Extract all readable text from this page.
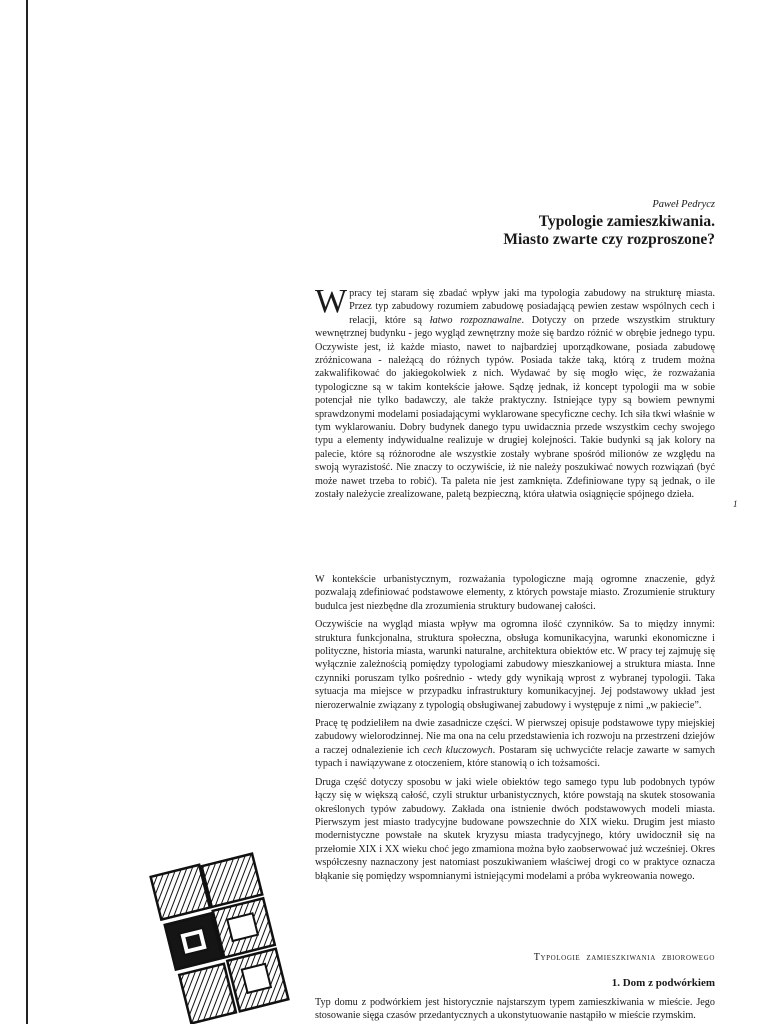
Paweł Pedrycz
Typologie zamieszkiwania.
Miasto zwarte czy rozproszone?

W pracy tej staram się zbadać wpływ jaki ma typologia zabudowy na strukturę miasta. Przez typ zabudowy rozumiem zabudowę posiadającą pewien zestaw wspólnych cech i relacji, które są łatwo rozpoznawalne. Dotyczy on przede wszystkim struktury wewnętrznej budynku - jego wygląd zewnętrzny może się bardzo różnić w obrębie jednego typu. Oczywiste jest, iż każde miasto, nawet to najbardziej uporządkowane, posiada zabudowę zróżnicowana - należącą do różnych typów. Posiada także taką, którą z trudem można zakwalifikować do jakiegokolwiek z nich. Wydawać by się mogło więc, że rozważania typologiczne są w takim kontekście jałowe. Sądzę jednak, iż koncept typologii ma w sobie potencjał nie tylko badawczy, ale także praktyczny. Istniejące typy są bowiem pewnymi sprawdzonymi modelami posiadającymi wyklarowane specyficzne cechy. Ich siła tkwi właśnie w tym wyklarowaniu. Dobry budynek danego typu uwidacznia przede wszystkim cechy swojego typu a elementy indywidualne realizuje w drugiej kolejności. Takie budynki są jak kolory na palecie, które są różnorodne ale wszystkie zostały wybrane spośród milionów ze względu na swoją wyrazistość. Nie znaczy to oczywiście, iż nie należy poszukiwać nowych rozwiązań (być może nawet trzeba to robić). Ta paleta nie jest zamknięta. Zdefiniowane typy są jednak, o ile zostały należycie zrealizowane, paletą bezpieczną, która ułatwia osiągnięcie spójnego dzieła.

1

W kontekście urbanistycznym, rozważania typologiczne mają ogromne znaczenie, gdyż pozwalają zdefiniować podstawowe elementy, z których powstaje miasto. Zrozumienie struktury budulca jest niezbędne dla zrozumienia struktury budowanej całości.

Oczywiście na wygląd miasta wpływ ma ogromna ilość czynników. Sa to między innymi: struktura funkcjonalna, struktura społeczna, obsługa komunikacyjna, warunki ekonomiczne i polityczne, historia miasta, warunki naturalne, architektura obiektów etc. W pracy tej zajmuję się wyłącznie zależnością pomiędzy typologiami zabudowy mieszkaniowej a struktura miasta. Inne czynniki poruszam tylko pośrednio - wtedy gdy wynikają wprost z wybranej typologii. Taka sytuacja ma miejsce w przypadku infrastruktury komunikacyjnej. Jej podstawowy układ jest nierozerwalnie związany z typologią obsługiwanej zabudowy i występuje z nimi „w pakiecie”.

Pracę tę podzieliłem na dwie zasadnicze części. W pierwszej opisuje podstawowe typy miejskiej zabudowy wielorodzinnej. Nie ma ona na celu przedstawienia ich rozwoju na przestrzeni dziejów a raczej odnalezienie ich cech kluczowych. Postaram się uchwycićte relacje zawarte w samych typach i nawiązywane z otoczeniem, które stanowią o ich tożsamości.

Druga część dotyczy sposobu w jaki wiele obiektów tego samego typu lub podobnych typów łączy się w większą całość, czyli struktur urbanistycznych, które powstają na skutek stosowania określonych typów zabudowy. Zakłada ona istnienie dwóch podstawowych modeli miasta. Pierwszym jest miasto tradycyjne budowane powszechnie do XIX wieku. Drugim jest miasto modernistyczne powstałe na skutek kryzysu miasta tradycyjnego, który uwidocznił się na przełomie XIX i XX wieku choć jego zmamiona można było zaobserwować już wcześniej. Okres współczesny naznaczony jest natomiast poszukiwaniem właściwej drogi co w praktyce oznacza błąkanie się pomiędzy wspomnianymi istniejącymi modelami a próba wykreowania nowego.

Typologie zamieszkiwania zbiorowego
1. Dom z podwórkiem

Typ domu z podwórkiem jest historycznie najstarszym typem zamieszkiwania w mieście. Jego stosowanie sięga czasów przedantycznych a ukonstytuowanie nastąpiło w mieście rzymskim.
